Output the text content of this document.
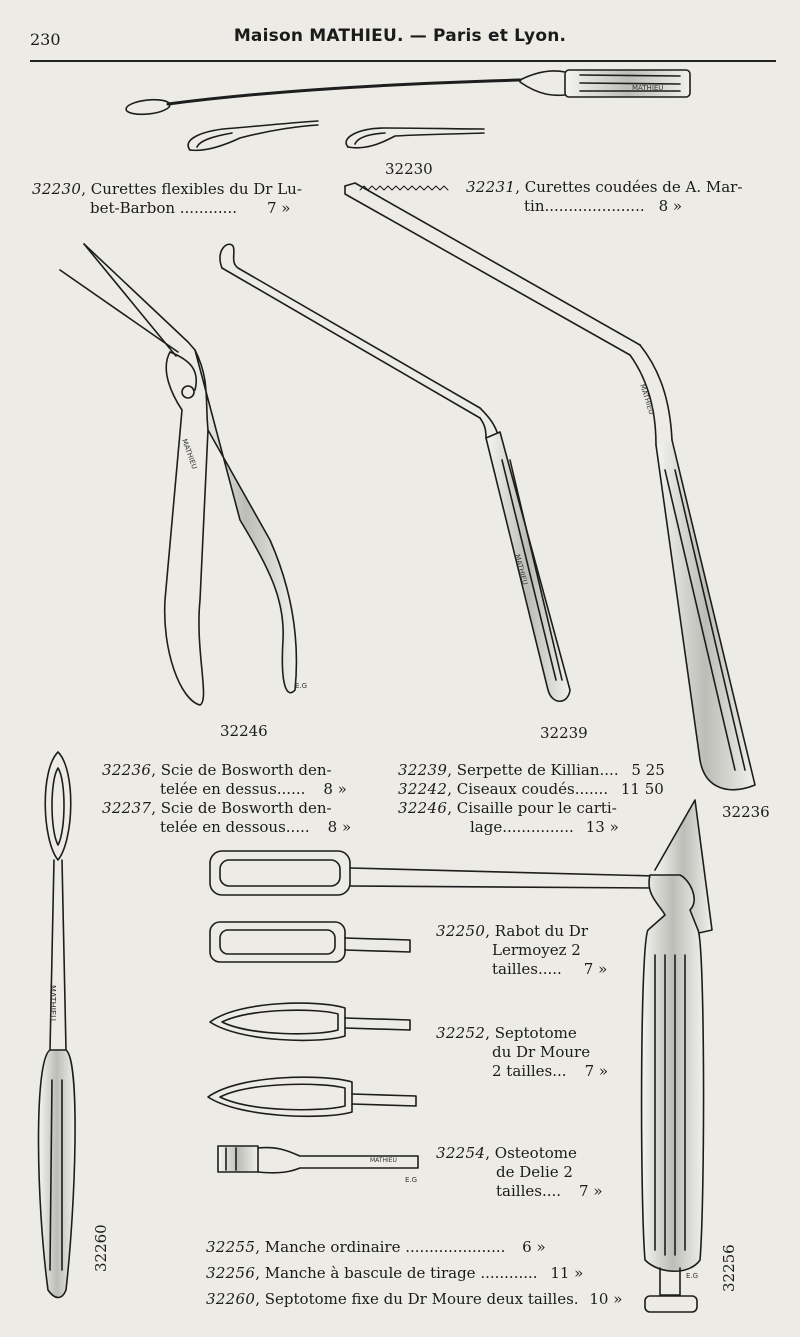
230	Maison MATHIEU. — Paris et Lyon.
MATHIEU
MATHIEU
MATHIEU
MATHIEU
MATHIEU
MATHIEU
E.G
E.G
E.G
32230
32246	32239
32236
32260	32256
32230, Curettes flexibles du Dr Lu-
bet-Barbon ............ 7 »
32231, Curettes coudées de A. Mar-
tin..................... 8 »
32236, Scie de Bosworth den-
telée en dessus...... 8 »
32237, Scie de Bosworth den-
telée en dessous..... 8 »
32239, Serpette de Killian.... 5 25
32242, Ciseaux coudés....... 11 50
32246, Cisaille pour le carti-
lage............... 13 »
32250, Rabot du Dr
Lermoyez 2
tailles..... 7 »
32252, Septotome
du Dr Moure
2 tailles... 7 »
32254, Osteotome
de Delie 2
tailles.... 7 »
32255, Manche ordinaire ..................... 6 »
32256, Manche à bascule de tirage ............ 11 »
32260, Septotome fixe du Dr Moure deux tailles. 10 »
